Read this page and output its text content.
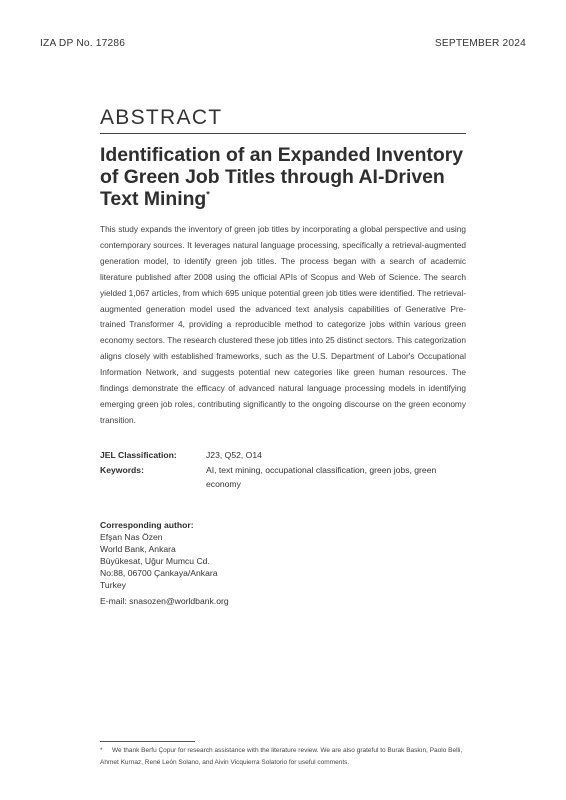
IZA DP No. 17286	SEPTEMBER 2024
ABSTRACT
Identification of an Expanded Inventory of Green Job Titles through AI-Driven Text Mining*

This study expands the inventory of green job titles by incorporating a global perspective and using contemporary sources. It leverages natural language processing, specifically a retrieval-augmented generation model, to identify green job titles. The process began with a search of academic literature published after 2008 using the official APIs of Scopus and Web of Science. The search yielded 1,067 articles, from which 695 unique potential green job titles were identified. The retrieval-augmented generation model used the advanced text analysis capabilities of Generative Pre-trained Transformer 4, providing a reproducible method to categorize jobs within various green economy sectors. The research clustered these job titles into 25 distinct sectors. This categorization aligns closely with established frameworks, such as the U.S. Department of Labor's Occupational Information Network, and suggests potential new categories like green human resources. The findings demonstrate the efficacy of advanced natural language processing models in identifying emerging green job roles, contributing significantly to the ongoing discourse on the green economy transition.

JEL Classification:	J23, Q52, O14
Keywords:	AI, text mining, occupational classification, green jobs, green economy
Corresponding author:
Efşan Nas Özen
World Bank, Ankara
Büyükesat, Uğur Mumcu Cd.
No:88, 06700 Çankaya/Ankara
Turkey
E-mail: snasozen@worldbank.org
* We thank Berfu Çopur for research assistance with the literature review. We are also grateful to Burak Baskın, Paolo Belli, Ahmet Kurnaz, René León Solano, and Aivin Vicquierra Solatorio for useful comments.
